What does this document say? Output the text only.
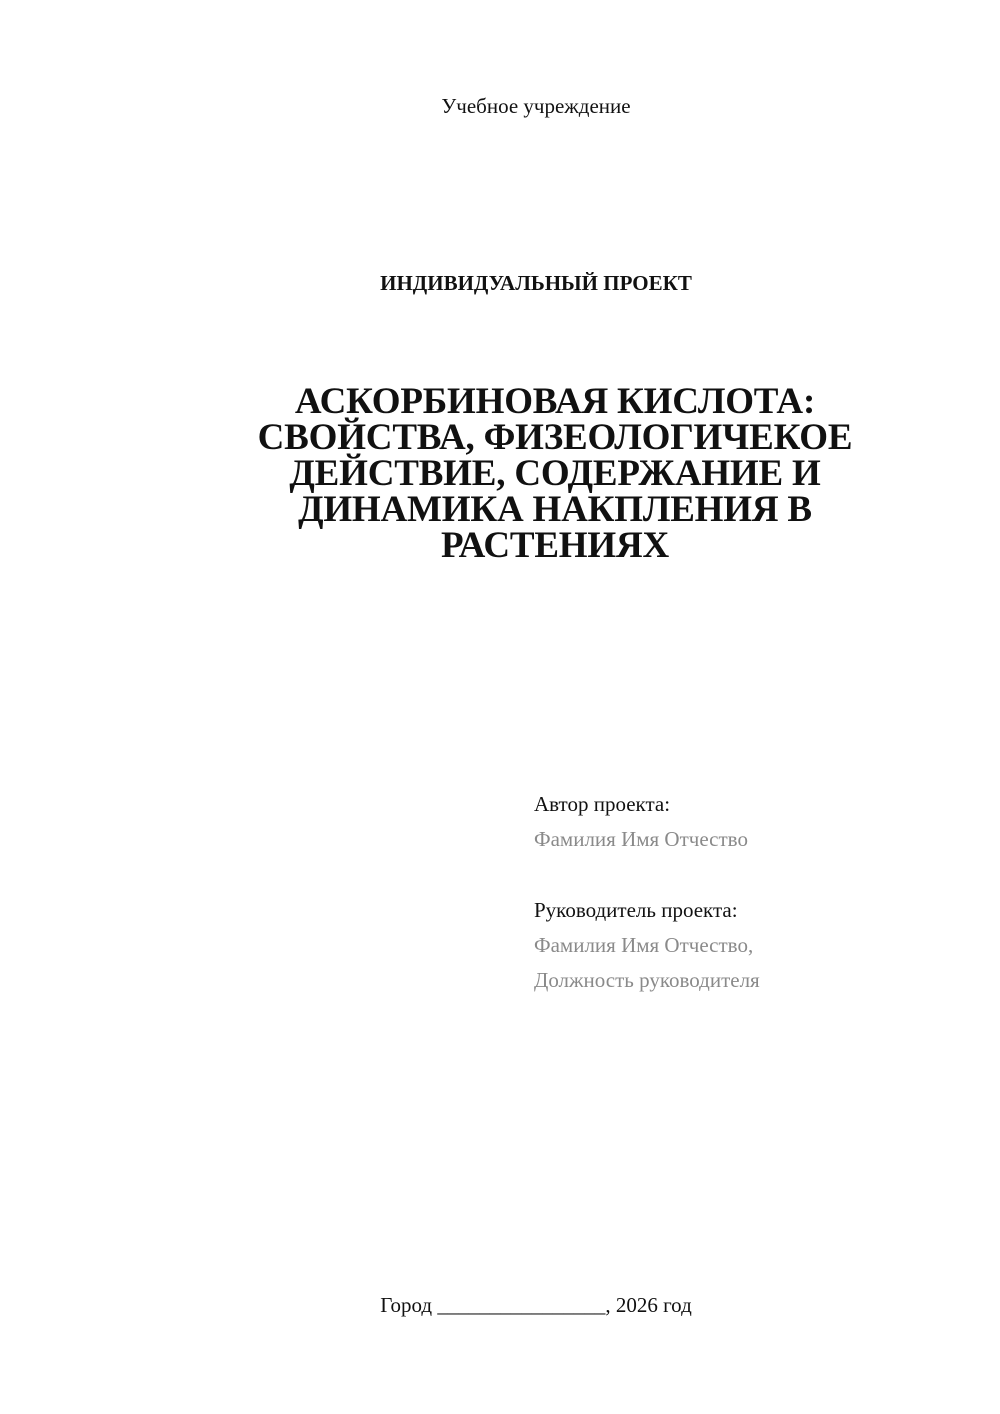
Учебное учреждение
ИНДИВИДУАЛЬНЫЙ ПРОЕКТ
АСКОРБИНОВАЯ КИСЛОТА:
СВОЙСТВА, ФИЗЕОЛОГИЧЕКОЕ
ДЕЙСТВИЕ, СОДЕРЖАНИЕ И
ДИНАМИКА НАКПЛЕНИЯ В
РАСТЕНИЯХ
Автор проекта:
Фамилия Имя Отчество
Руководитель проекта:
Фамилия Имя Отчество,
Должность руководителя
Город ________________, 2026 год
